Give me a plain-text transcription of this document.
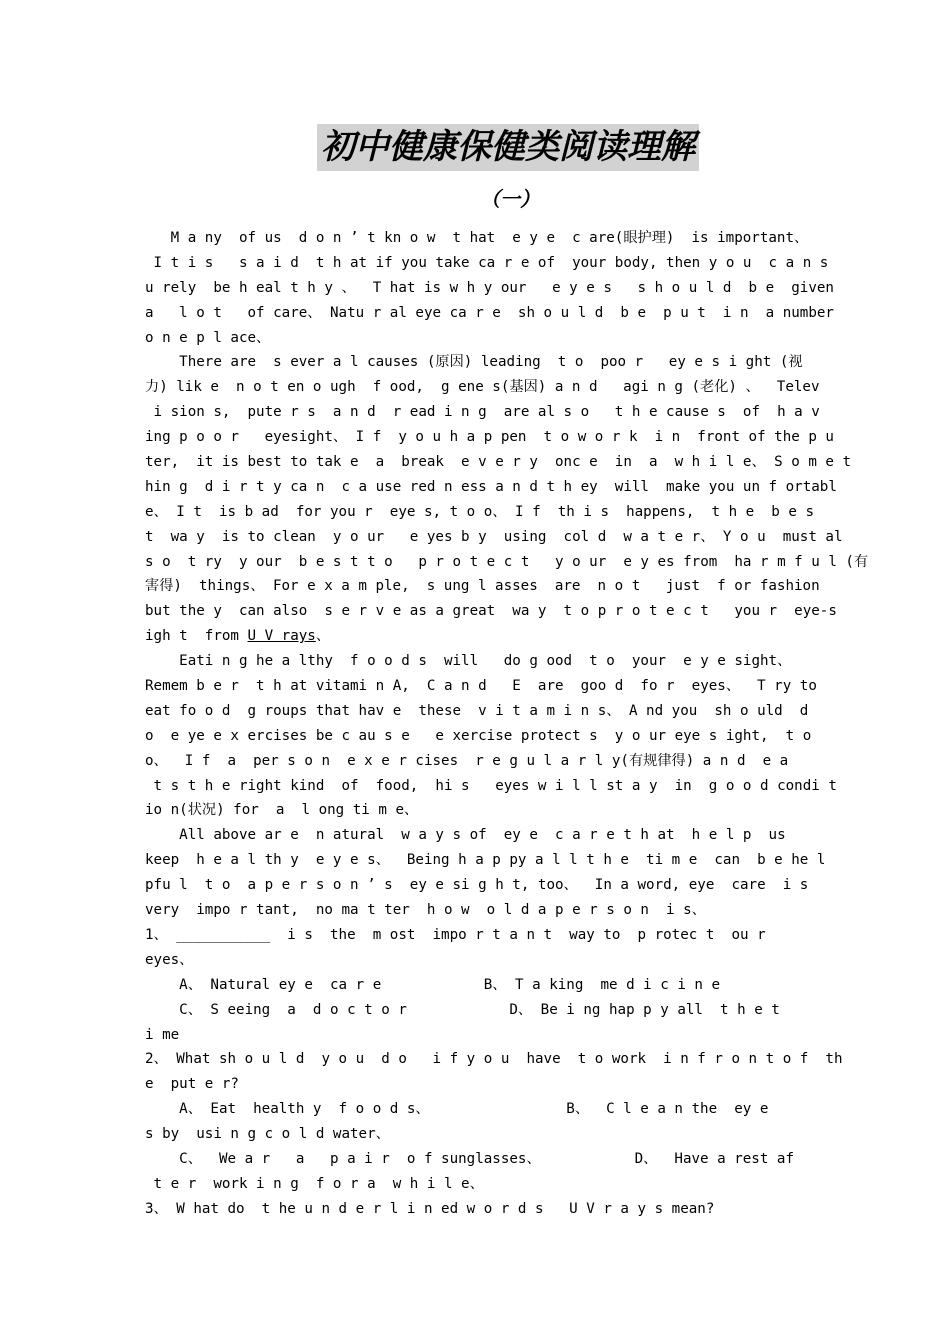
初中健康保健类阅读理解
（一）
M a ny  of us  d o n ’ t kn o w  t hat  e y e  c are(眼护理)  is important、
I t i s   s a i d  t h at if you take ca r e of  your body, then y o u  c a n s
u rely  be h eal t h y 、  T hat is w h y our   e y e s   s h o u l d  b e  given
a   l o t   of care、 Natu r al eye ca r e  sh o u l d  b e  p u t  i n  a number
o n e p l ace、
There are  s ever a l causes (原因) leading  t o  poo r   ey e s i ght (视
力) lik e  n o t en o ugh  f ood,  g ene s(基因) a n d   agi n g (老化) 、  Telev
i sion s,  pute r s  a n d  r ead i n g  are al s o   t h e cause s  of  h a v
ing p o o r   eyesight、 I f  y o u h a p pen  t o w o r k  i n  front of the p u
ter,  it is best to tak e  a  break  e v e r y  onc e  in  a  w h i l e、 S o m e t
hin g  d i r t y ca n  c a use red n ess a n d t h ey  will  make you un f ortabl
e、 I t  is b ad  for you r  eye s, t o o、 I f  th i s  happens,  t h e  b e s
t  wa y  is to clean  y o ur   e yes b y  using  col d  w a t e r、 Y o u  must al
s o  t ry  y our  b e s t t o   p r o t e c t   y o ur  e y es from  ha r m f u l (有
害得)  things、 For e x a m ple,  s ung l asses  are  n o t   just  f or fashion
but the y  can also  s e r v e as a great  wa y  t o p r o t e c t   you r  eye-s
igh t  from U V rays、
Eati n g he a lthy  f o o d s  will   do g ood  t o  your  e y e sight、
Remem b e r  t h at vitami n A,  C a n d   E  are  goo d  fo r  eyes、  T ry to
eat fo o d  g roups that hav e  these  v i t a m i n s、 A nd you  sh o uld  d
o  e ye e x ercises be c au s e   e xercise protect s  y o ur eye s ight,  t o
o、  I f  a  per s o n  e x e r cises  r e g u l a r l y(有规律得) a n d  e a
t s t h e right kind  of  food,  hi s   eyes w i l l st a y  in  g o o d condi t
io n(状况) for  a  l ong ti m e、
All above ar e  n atural  w a y s of  ey e  c a r e t h at  h e l p  us
keep  h e a l th y  e y e s、  Being h a p py a l l t h e  ti m e  can  b e he l
pfu l  t o  a p e r s o n ’ s  ey e si g h t, too、  In a word, eye  care  i s
very  impo r tant,  no ma t ter  h o w  o l d a p e r s o n  i s、
1、 ___________  i s  the  m ost  impo r t a n t  way to  p rotec t  ou r
eyes、
A、 Natural ey e  ca r e            B、 T a king  me d i c i n e
C、 S eeing  a  d o c t o r            D、 Be i ng hap p y all  t h e t
i me
2、 What sh o u l d  y o u  d o   i f y o u  have  t o work  i n f r o n t o f  th
e  put e r?
A、 Eat  health y  f o o d s、                B、  C l e a n the  ey e
s by  usi n g c o l d water、
C、  We a r   a   p a i r  o f sunglasses、           D、  Have a rest af
t e r  work i n g  f o r a  w h i l e、
3、 W hat do  t he u n d e r l i n ed w o r d s   U V r a y s mean?
